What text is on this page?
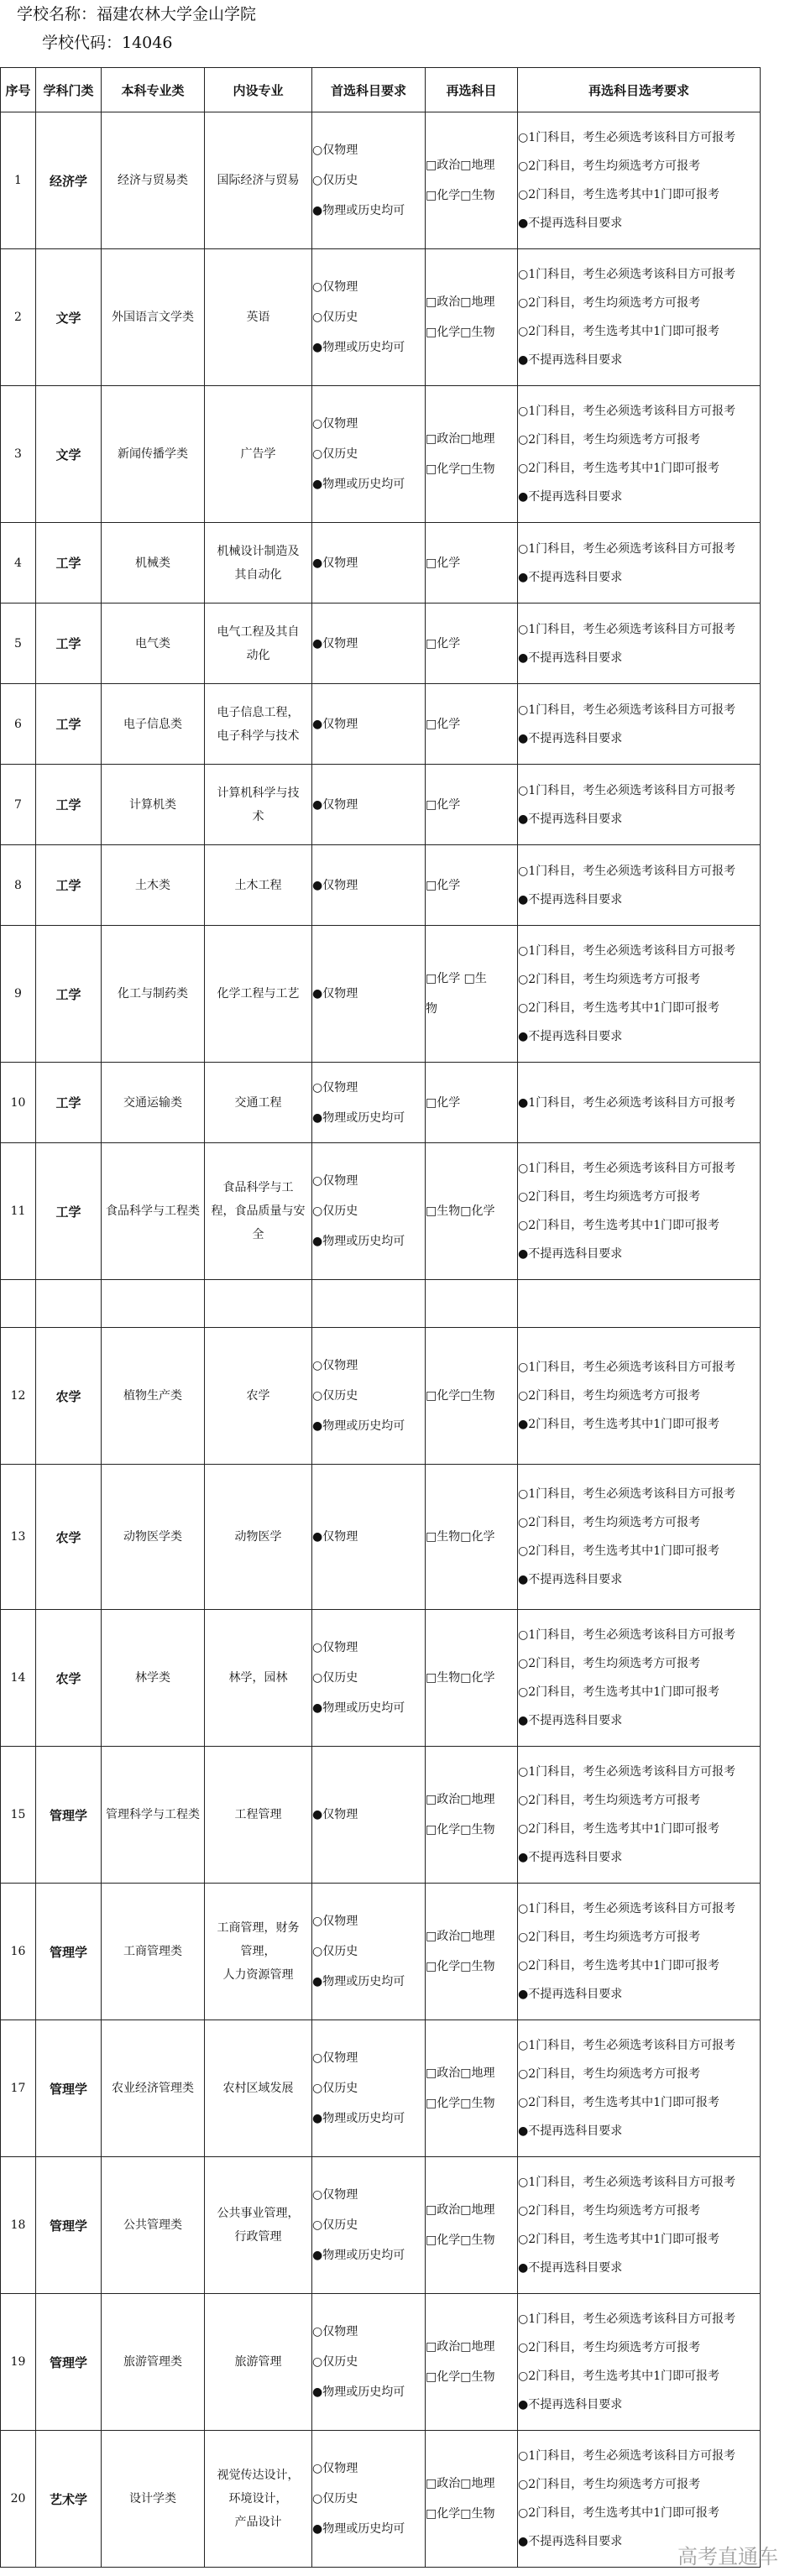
学校名称：福建农林大学金山学院
学校代码：14046
序号	学科门类	本科专业类	内设专业	首选科目要求	再选科目	再选科目选考要求
1	经济学	经济与贸易类	国际经济与贸易	○仅物理
○仅历史
●物理或历史均可	□政治□地理
□化学□生物	○1门科目，考生必须选考该科目方可报考
○2门科目，考生均须选考方可报考
○2门科目，考生选考其中1门即可报考
●不提再选科目要求

2	文学	外国语言文学类	英语	○仅物理
○仅历史
●物理或历史均可	□政治□地理
□化学□生物	○1门科目，考生必须选考该科目方可报考
○2门科目，考生均须选考方可报考
○2门科目，考生选考其中1门即可报考
●不提再选科目要求

3	文学	新闻传播学类	广告学	○仅物理
○仅历史
●物理或历史均可	□政治□地理
□化学□生物	○1门科目，考生必须选考该科目方可报考
○2门科目，考生均须选考方可报考
○2门科目，考生选考其中1门即可报考
●不提再选科目要求

4	工学	机械类	机械设计制造及
其自动化	●仅物理	□化学	○1门科目，考生必须选考该科目方可报考
●不提再选科目要求

5	工学	电气类	电气工程及其自
动化	●仅物理	□化学	○1门科目，考生必须选考该科目方可报考
●不提再选科目要求

6	工学	电子信息类	电子信息工程，
电子科学与技术	●仅物理	□化学	○1门科目，考生必须选考该科目方可报考
●不提再选科目要求

7	工学	计算机类	计算机科学与技
术	●仅物理	□化学	○1门科目，考生必须选考该科目方可报考
●不提再选科目要求

8	工学	土木类	土木工程	●仅物理	□化学	○1门科目，考生必须选考该科目方可报考
●不提再选科目要求

9	工学	化工与制药类	化学工程与工艺	●仅物理	□化学 □生
物	○1门科目，考生必须选考该科目方可报考
○2门科目，考生均须选考方可报考
○2门科目，考生选考其中1门即可报考
●不提再选科目要求

10	工学	交通运输类	交通工程	○仅物理
●物理或历史均可	□化学	●1门科目，考生必须选考该科目方可报考

11	工学	食品科学与工程类	食品科学与工
程，食品质量与安
全	○仅物理
○仅历史
●物理或历史均可	□生物□化学	○1门科目，考生必须选考该科目方可报考
○2门科目，考生均须选考方可报考
○2门科目，考生选考其中1门即可报考
●不提再选科目要求

12	农学	植物生产类	农学	○仅物理
○仅历史
●物理或历史均可	□化学□生物	○1门科目，考生必须选考该科目方可报考
○2门科目，考生均须选考方可报考
●2门科目，考生选考其中1门即可报考

13	农学	动物医学类	动物医学	●仅物理	□生物□化学	○1门科目，考生必须选考该科目方可报考
○2门科目，考生均须选考方可报考
○2门科目，考生选考其中1门即可报考
●不提再选科目要求

14	农学	林学类	林学，园林	○仅物理
○仅历史
●物理或历史均可	□生物□化学	○1门科目，考生必须选考该科目方可报考
○2门科目，考生均须选考方可报考
○2门科目，考生选考其中1门即可报考
●不提再选科目要求

15	管理学	管理科学与工程类	工程管理	●仅物理	□政治□地理
□化学□生物	○1门科目，考生必须选考该科目方可报考
○2门科目，考生均须选考方可报考
○2门科目，考生选考其中1门即可报考
●不提再选科目要求

16	管理学	工商管理类	工商管理，财务
管理，
人力资源管理	○仅物理
○仅历史
●物理或历史均可	□政治□地理
□化学□生物	○1门科目，考生必须选考该科目方可报考
○2门科目，考生均须选考方可报考
○2门科目，考生选考其中1门即可报考
●不提再选科目要求

17	管理学	农业经济管理类	农村区域发展	○仅物理
○仅历史
●物理或历史均可	□政治□地理
□化学□生物	○1门科目，考生必须选考该科目方可报考
○2门科目，考生均须选考方可报考
○2门科目，考生选考其中1门即可报考
●不提再选科目要求

18	管理学	公共管理类	公共事业管理，
行政管理	○仅物理
○仅历史
●物理或历史均可	□政治□地理
□化学□生物	○1门科目，考生必须选考该科目方可报考
○2门科目，考生均须选考方可报考
○2门科目，考生选考其中1门即可报考
●不提再选科目要求

19	管理学	旅游管理类	旅游管理	○仅物理
○仅历史
●物理或历史均可	□政治□地理
□化学□生物	○1门科目，考生必须选考该科目方可报考
○2门科目，考生均须选考方可报考
○2门科目，考生选考其中1门即可报考
●不提再选科目要求

20	艺术学	设计学类	视觉传达设计，
环境设计，
产品设计	○仅物理
○仅历史
●物理或历史均可	□政治□地理
□化学□生物	○1门科目，考生必须选考该科目方可报考
○2门科目，考生均须选考方可报考
○2门科目，考生选考其中1门即可报考
●不提再选科目要求
高考直通车
